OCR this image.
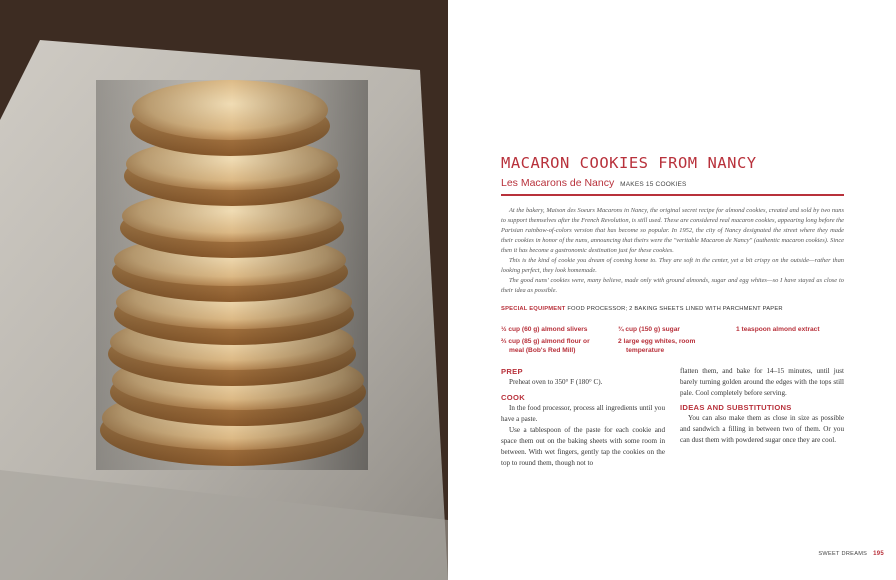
MACARON COOKIES FROM NANCY
Les Macarons de Nancy MAKES 15 COOKIES

At the bakery, Maison des Soeurs Macarons in Nancy, the original secret recipe for almond cookies, created and sold by two nuns to support themselves after the French Revolution, is still used. These are considered real macaron cookies, appearing long before the Parisian rainbow-of-colors version that has become so popular. In 1952, the city of Nancy designated the street where they made their cookies in honor of the nuns, announcing that theirs were the "veritable Macaron de Nancy" (authentic macaron cookies). Since then it has become a gastronomic destination just for these cookies.

This is the kind of cookie you dream of coming home to. They are soft in the center, yet a bit crispy on the outside—rather than looking perfect, they look homemade.

The good nuns' cookies were, many believe, made only with ground almonds, sugar and egg whites—so I have stayed as close to their idea as possible.

SPECIAL EQUIPMENT FOOD PROCESSOR; 2 BAKING SHEETS LINED WITH PARCHMENT PAPER
½ cup (60 g) almond slivers
⅔ cup (85 g) almond flour or
meal (Bob's Red Mill)
¾ cup (150 g) sugar
2 large egg whites, room
temperature
1 teaspoon almond extract
PREP

Preheat oven to 350° F (180° C).

COOK

In the food processor, process all ingredients until you have a paste.

Use a tablespoon of the paste for each cookie and space them out on the baking sheets with some room in between. With wet fingers, gently tap the cookies on the top to round them, though not to

flatten them, and bake for 14–15 minutes, until just barely turning golden around the edges with the tops still pale. Cool completely before serving.

IDEAS AND SUBSTITUTIONS

You can also make them as close in size as possible and sandwich a filling in between two of them. Or you can dust them with powdered sugar once they are cool.

SWEET DREAMS 195
